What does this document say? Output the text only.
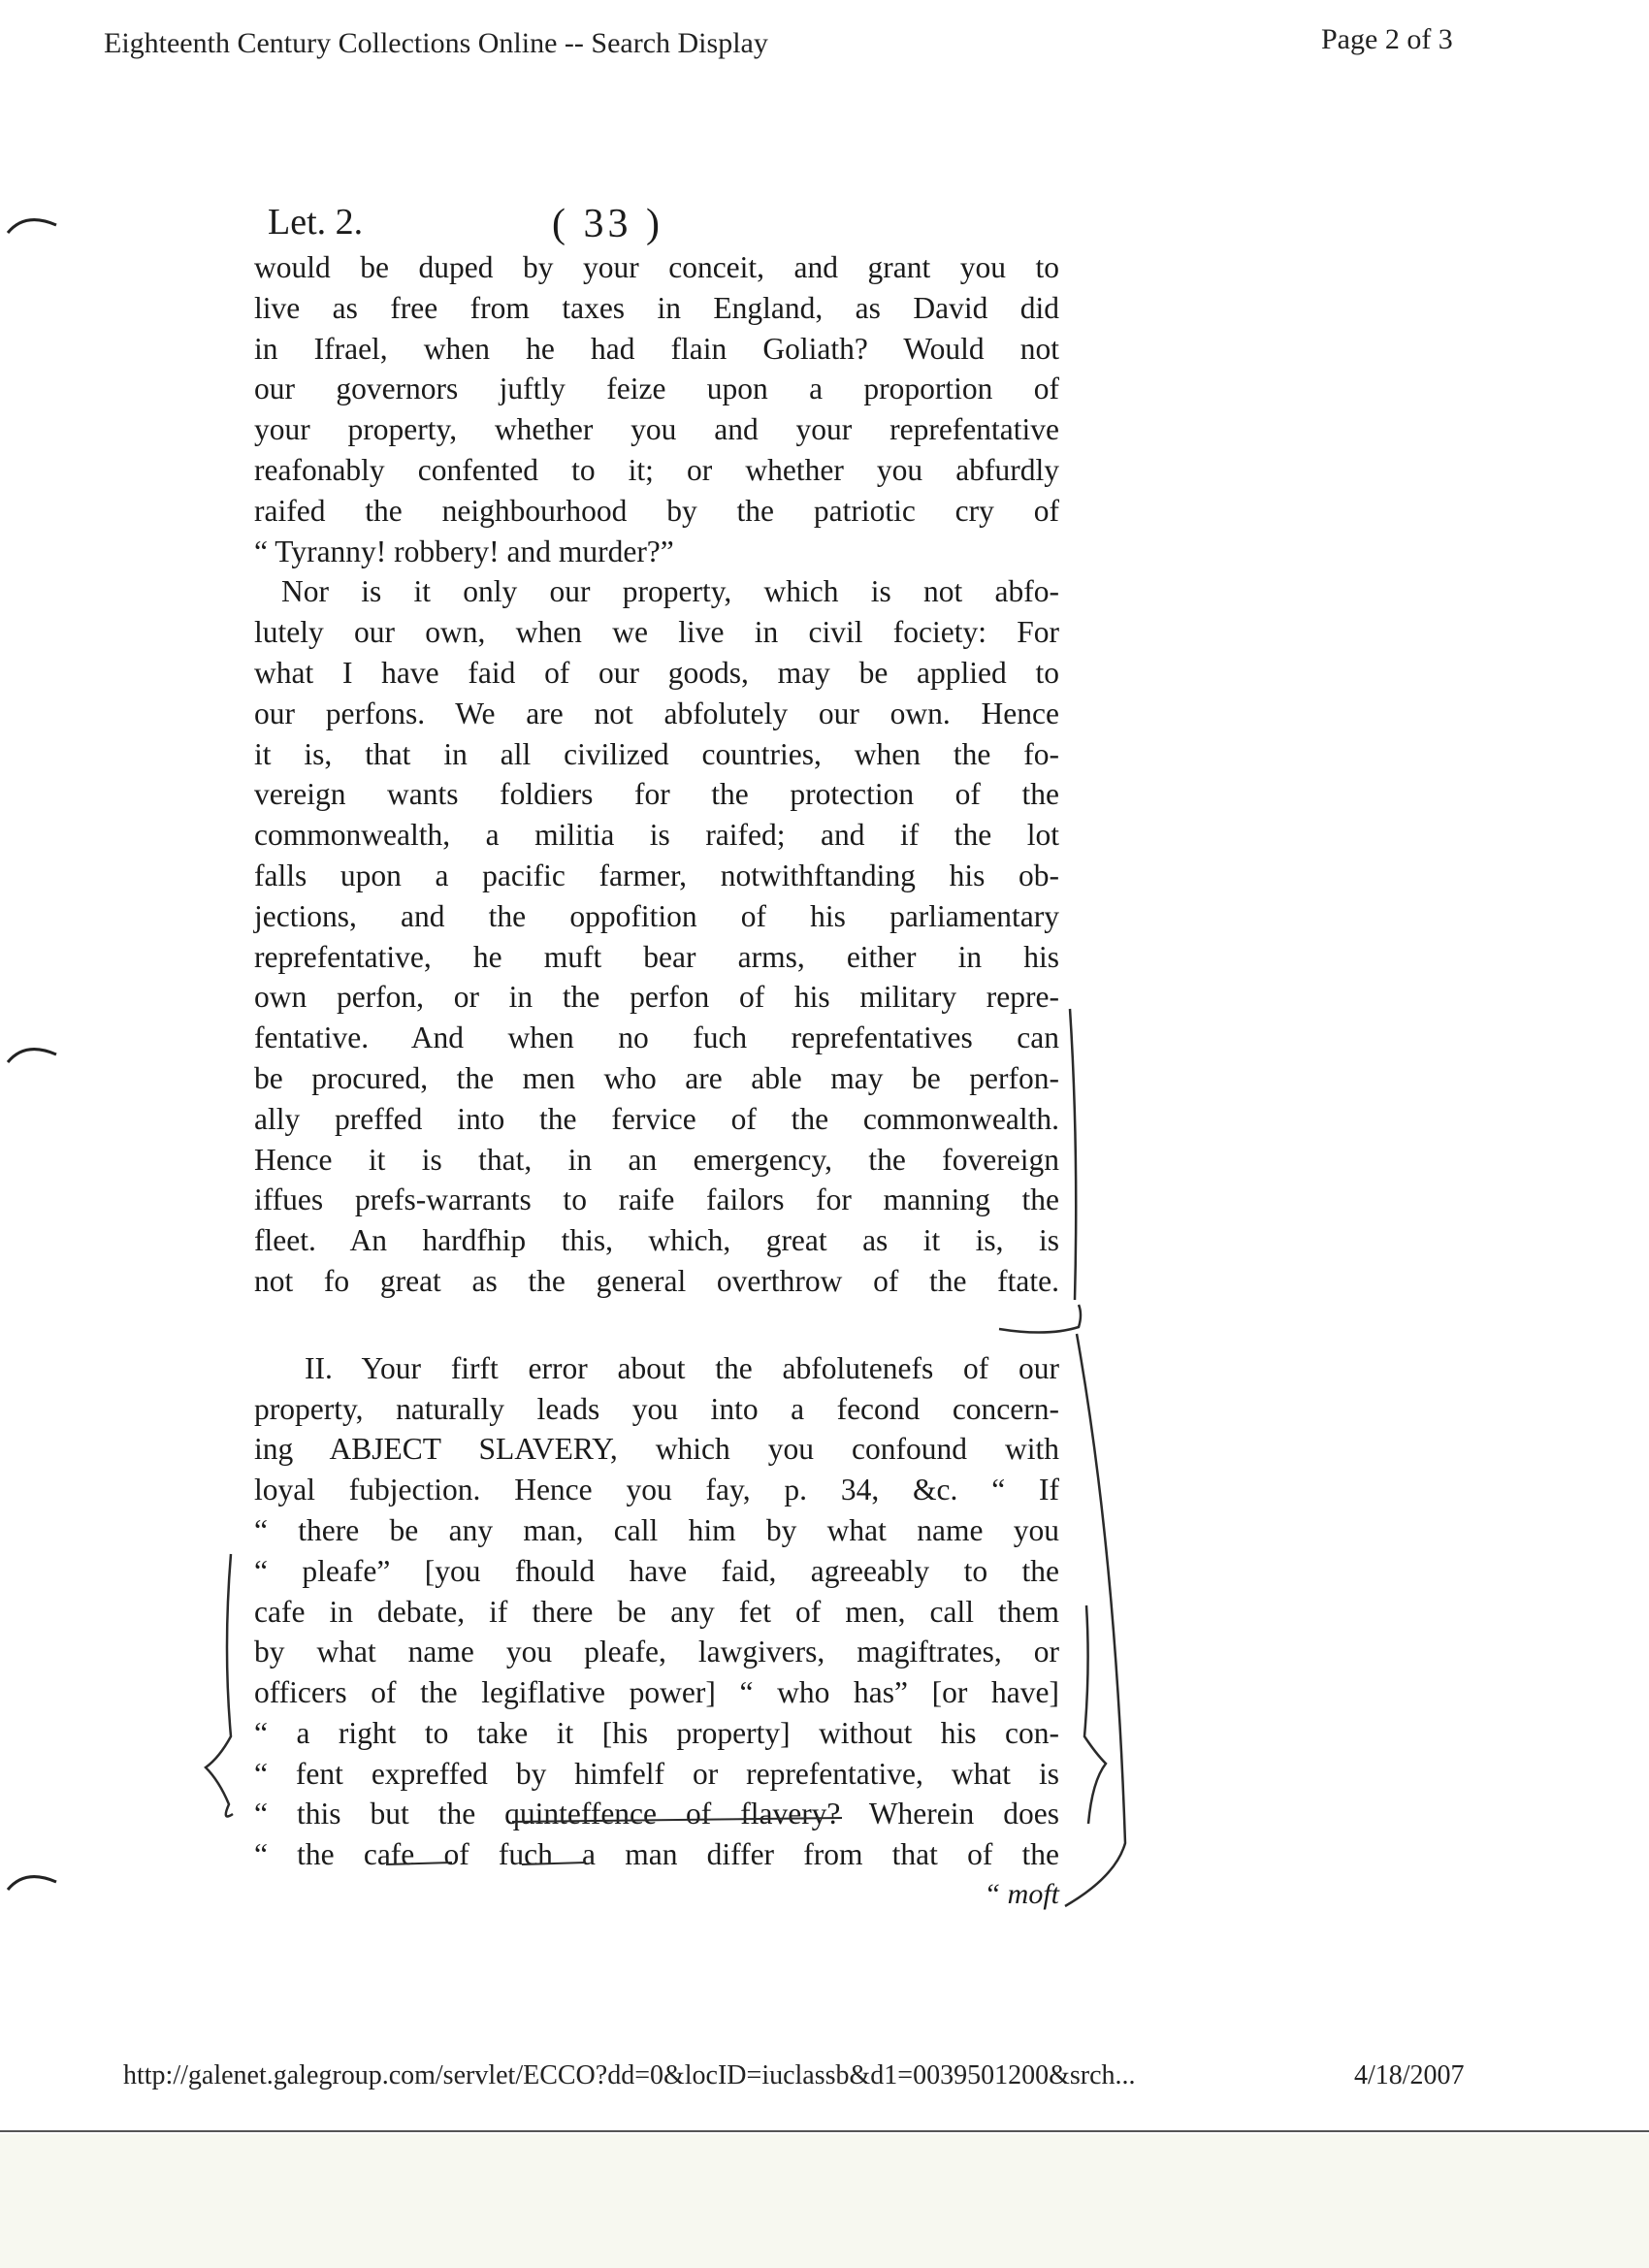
Eighteenth Century Collections Online -- Search Display	Page 2 of 3
Let. 2.	( 33 )
would be duped by your conceit, and grant you to
live as free from taxes in England, as David did
in Ifrael, when he had flain Goliath? Would not
our governors juftly feize upon a proportion of
your property, whether you and your reprefentative
reafonably confented to it; or whether you abfurdly
raifed the neighbourhood by the patriotic cry of
“ Tyranny! robbery! and murder?”
Nor is it only our property, which is not abfo-
lutely our own, when we live in civil fociety: For
what I have faid of our goods, may be applied to
our perfons. We are not abfolutely our own. Hence
it is, that in all civilized countries, when the fo-
vereign wants foldiers for the protection of the
commonwealth, a militia is raifed; and if the lot
falls upon a pacific farmer, notwithftanding his ob-
jections, and the oppofition of his parliamentary
reprefentative, he muft bear arms, either in his
own perfon, or in the perfon of his military repre-
fentative. And when no fuch reprefentatives can
be procured, the men who are able may be perfon-
ally preffed into the fervice of the commonwealth.
Hence it is that, in an emergency, the fovereign
iffues prefs-warrants to raife failors for manning the
fleet. An hardfhip this, which, great as it is, is
not fo great as the general overthrow of the ftate.
II. Your firft error about the abfolutenefs of our
property, naturally leads you into a fecond concern-
ing ABJECT SLAVERY, which you confound with
loyal fubjection. Hence you fay, p. 34, &c. “ If
“ there be any man, call him by what name you
“ pleafe” [you fhould have faid, agreeably to the
cafe in debate, if there be any fet of men, call them
by what name you pleafe, lawgivers, magiftrates, or
officers of the legiflative power] “ who has” [or have]
“ a right to take it [his property] without his con-
“ fent expreffed by himfelf or reprefentative, what is
“ this but the quinteffence of flavery? Wherein does
“ the cafe of fuch a man differ from that of the
“ moft
http://galenet.galegroup.com/servlet/ECCO?dd=0&locID=iuclassb&d1=0039501200&srch...	4/18/2007
